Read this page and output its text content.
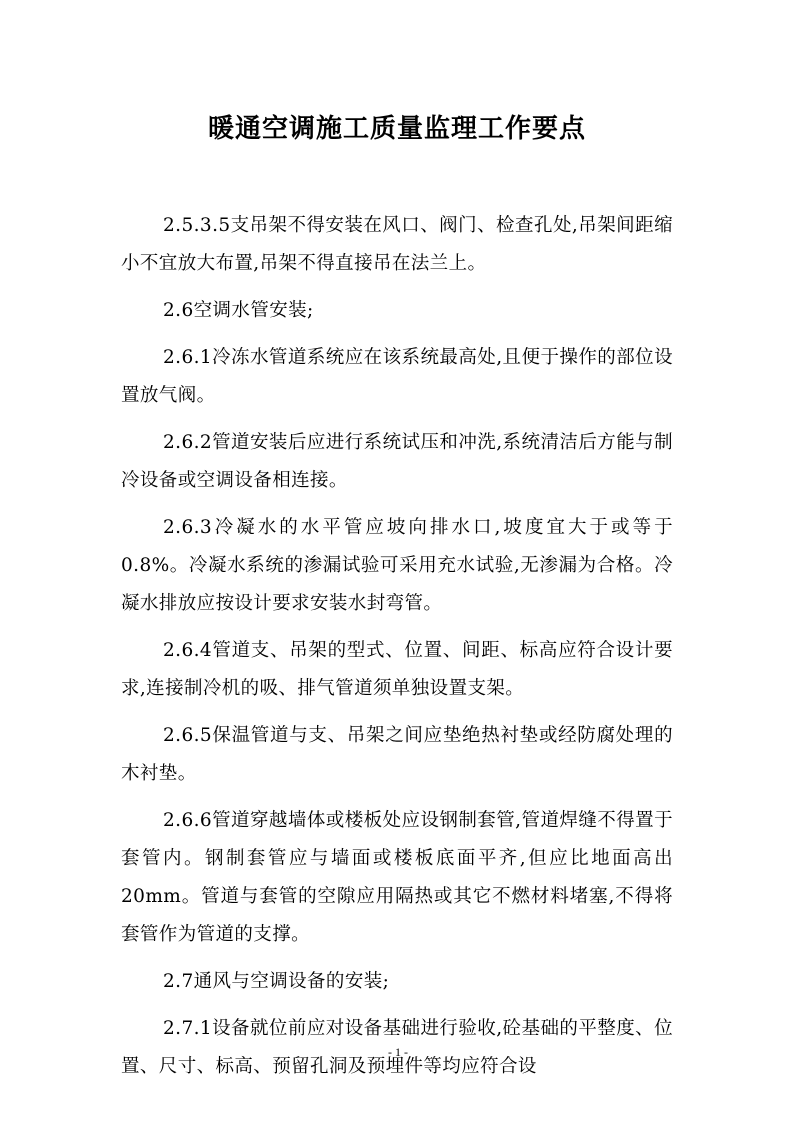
暖通空调施工质量监理工作要点

2.5.3.5支吊架不得安装在风口、阀门、检查孔处,吊架间距缩小不宜放大布置,吊架不得直接吊在法兰上。

2.6空调水管安装;

2.6.1冷冻水管道系统应在该系统最高处,且便于操作的部位设置放气阀。

2.6.2管道安装后应进行系统试压和冲洗,系统清洁后方能与制冷设备或空调设备相连接。

2.6.3冷凝水的水平管应坡向排水口,坡度宜大于或等于0.8%。冷凝水系统的渗漏试验可采用充水试验,无渗漏为合格。冷凝水排放应按设计要求安装水封弯管。

2.6.4管道支、吊架的型式、位置、间距、标高应符合设计要求,连接制冷机的吸、排气管道须单独设置支架。

2.6.5保温管道与支、吊架之间应垫绝热衬垫或经防腐处理的木衬垫。

2.6.6管道穿越墙体或楼板处应设钢制套管,管道焊缝不得置于套管内。钢制套管应与墙面或楼板底面平齐,但应比地面高出20mm。管道与套管的空隙应用隔热或其它不燃材料堵塞,不得将套管作为管道的支撑。

2.7通风与空调设备的安装;

2.7.1设备就位前应对设备基础进行验收,砼基础的平整度、位置、尺寸、标高、预留孔洞及预埋件等均应符合设

- 1 -
